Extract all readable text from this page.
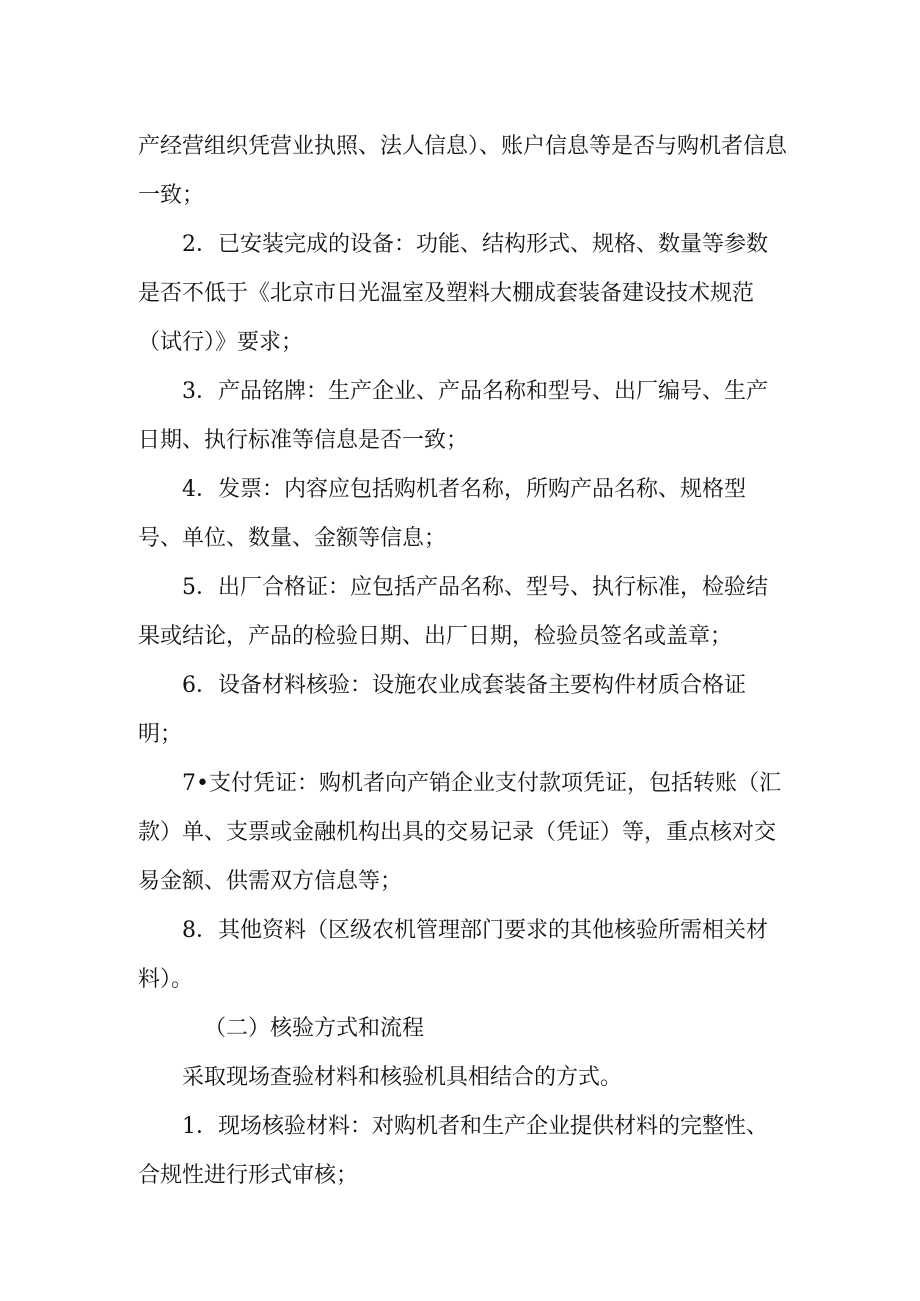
产经营组织凭营业执照、法人信息）、账户信息等是否与购机者信息一致；

2．已安装完成的设备：功能、结构形式、规格、数量等参数是否不低于《北京市日光温室及塑料大棚成套装备建设技术规范（试行）》要求；

3．产品铭牌：生产企业、产品名称和型号、出厂编号、生产日期、执行标准等信息是否一致；

4．发票：内容应包括购机者名称，所购产品名称、规格型号、单位、数量、金额等信息；

5．出厂合格证：应包括产品名称、型号、执行标准，检验结果或结论，产品的检验日期、出厂日期，检验员签名或盖章；

6．设备材料核验：设施农业成套装备主要构件材质合格证明；

7•支付凭证：购机者向产销企业支付款项凭证，包括转账（汇款）单、支票或金融机构出具的交易记录（凭证）等，重点核对交易金额、供需双方信息等；

8．其他资料（区级农机管理部门要求的其他核验所需相关材料）。

（二）核验方式和流程

采取现场查验材料和核验机具相结合的方式。

1．现场核验材料：对购机者和生产企业提供材料的完整性、合规性进行形式审核；
